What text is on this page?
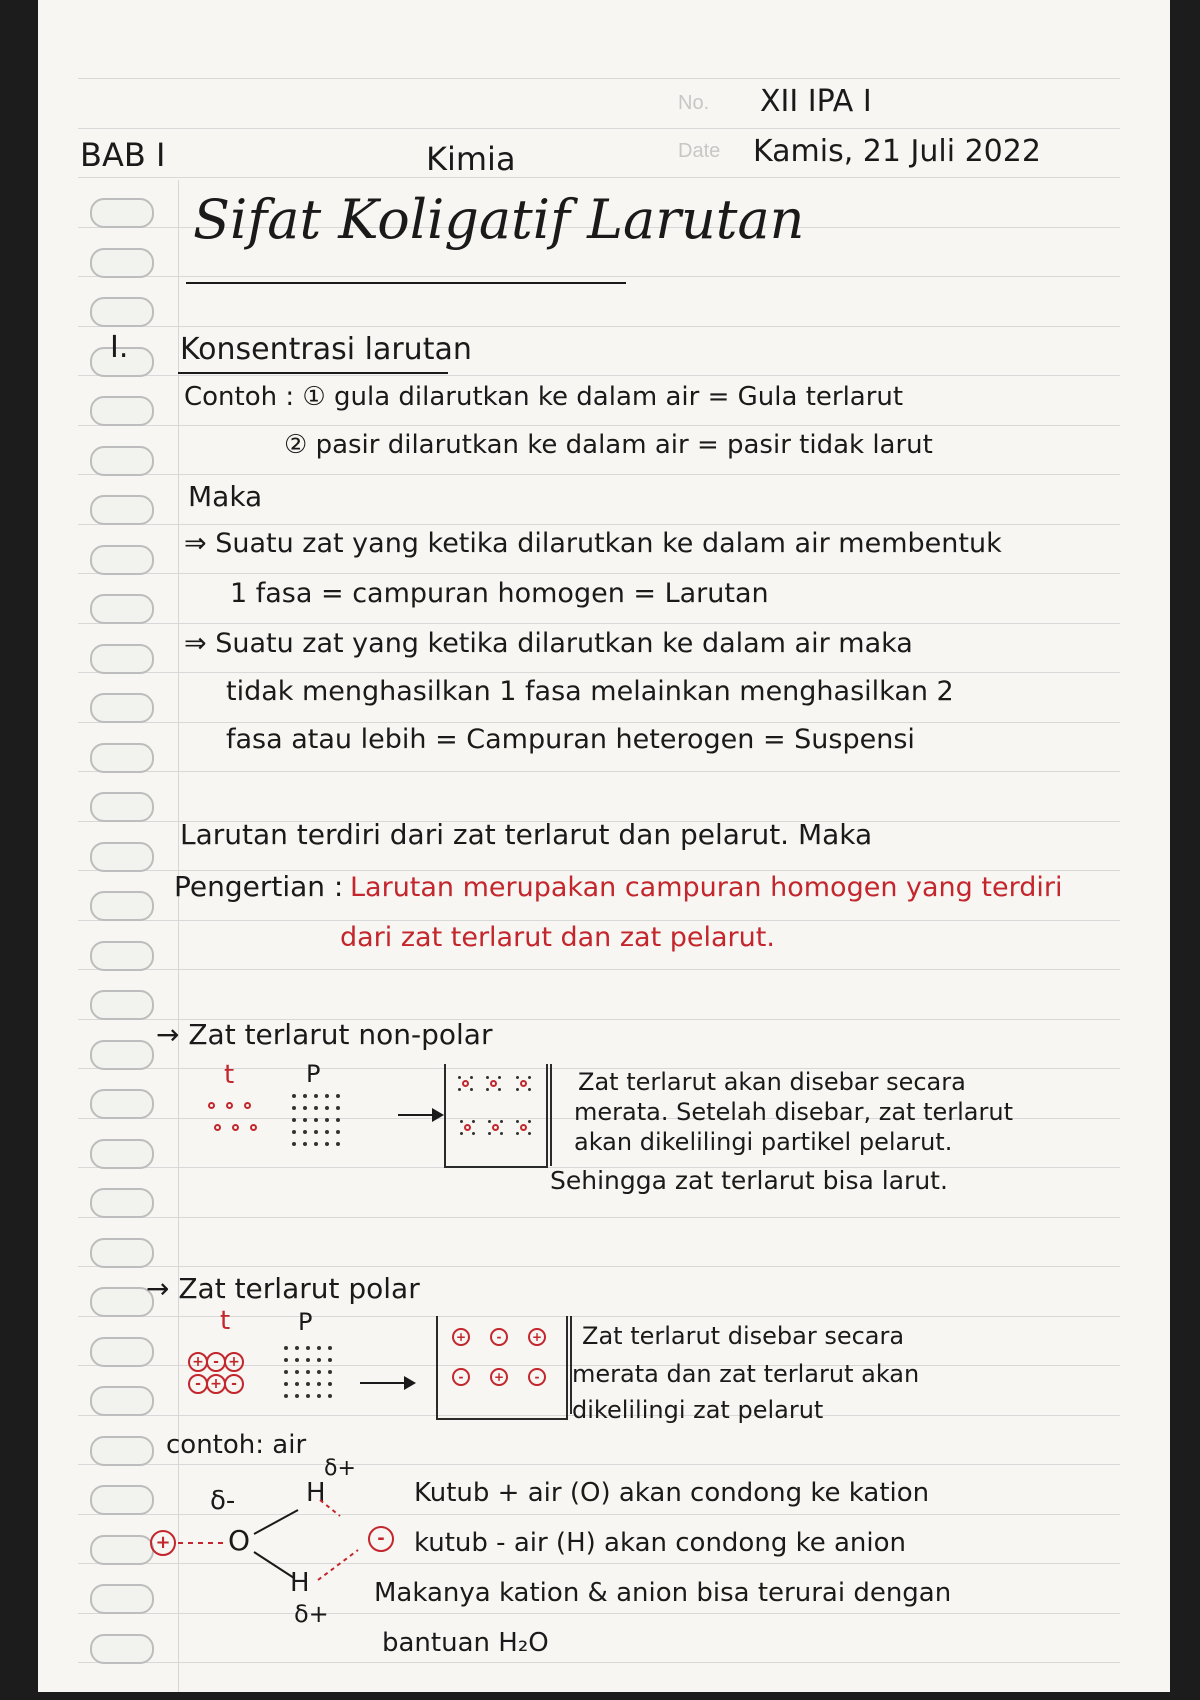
No. XII IPA I
Date Kamis, 21 Juli 2022
BAB I	Kimia
Sifat Koligatif Larutan
I. Konsentrasi larutan
Contoh : ① gula dilarutkan ke dalam air = Gula terlarut
② pasir dilarutkan ke dalam air = pasir tidak larut
Maka
⇒ Suatu zat yang ketika dilarutkan ke dalam air membentuk
1 fasa = campuran homogen = Larutan
⇒ Suatu zat yang ketika dilarutkan ke dalam air maka
tidak menghasilkan 1 fasa melainkan menghasilkan 2
fasa atau lebih = Campuran heterogen = Suspensi
Larutan terdiri dari zat terlarut dan pelarut. Maka
Pengertian : Larutan merupakan campuran homogen yang terdiri
dari zat terlarut dan zat pelarut.
→ Zat terlarut non-polar
t	P	Zat terlarut akan disebar secara
merata. Setelah disebar, zat terlarut
akan dikelilingi partikel pelarut.
Sehingga zat terlarut bisa larut.
→ Zat terlarut polar
t	P
+	-	+
-	+	-
Zat terlarut disebar secara
merata dan zat terlarut akan
dikelilingi zat pelarut
contoh: air
δ-
δ+
δ+
H
O
H
+	-
Kutub + air (O) akan condong ke kation
kutub - air (H) akan condong ke anion
Makanya kation & anion bisa terurai dengan
bantuan H₂O
+ - +
- + -
